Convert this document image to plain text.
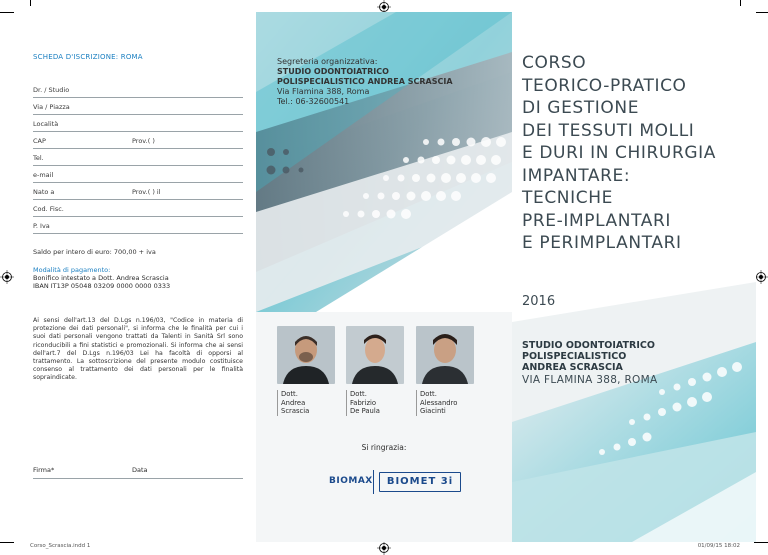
SCHEDA D'ISCRIZIONE: ROMA
Dr. / Studio
Via / Piazza
Località
CAP	Prov.( )
Tel.
e-mail
Nato a	Prov.( ) il
Cod. Fisc.
P. Iva
Saldo per intero di euro: 700,00 + iva
Modalità di pagamento:
Bonifico intestato a Dott. Andrea Scrascia
IBAN IT13P 05048 03209 0000 0000 0333
Ai sensi dell'art.13 del D.Lgs n.196/03, "Codice in materia di protezione dei dati personali", si informa che le finalità per cui i suoi dati personali vengono trattati da Talenti in Sanità Srl sono riconducibili a fini statistici e promozionali. Si informa che ai sensi dell'art.7 del D.Lgs n.196/03 Lei ha facoltà di opporsi al trattamento. La sottoscrizione del presente modulo costituisce consenso al trattamento dei dati personali per le finalità sopraindicate.
Firma*	Data
Segreteria organizzativa:
STUDIO ODONTOIATRICO
POLISPECIALISTICO ANDREA SCRASCIA
Via Flamina 388, Roma
Tel.: 06-32600541
Dott.
Andrea
Scrascia
Dott.
Fabrizio
De Paula
Dott.
Alessandro
Giacinti
Si ringrazia:
BIOMAX	BIOMET 3i
CORSO
TEORICO-PRATICO
DI GESTIONE
DEI TESSUTI MOLLI
E DURI IN CHIRURGIA
IMPANTARE:
TECNICHE
PRE-IMPLANTARI
E PERIMPLANTARI
2016
STUDIO ODONTOIATRICO
POLISPECIALISTICO
ANDREA SCRASCIA
VIA FLAMINA 388, ROMA
Corso_Scrascia.indd 1	01/09/15 18:02
